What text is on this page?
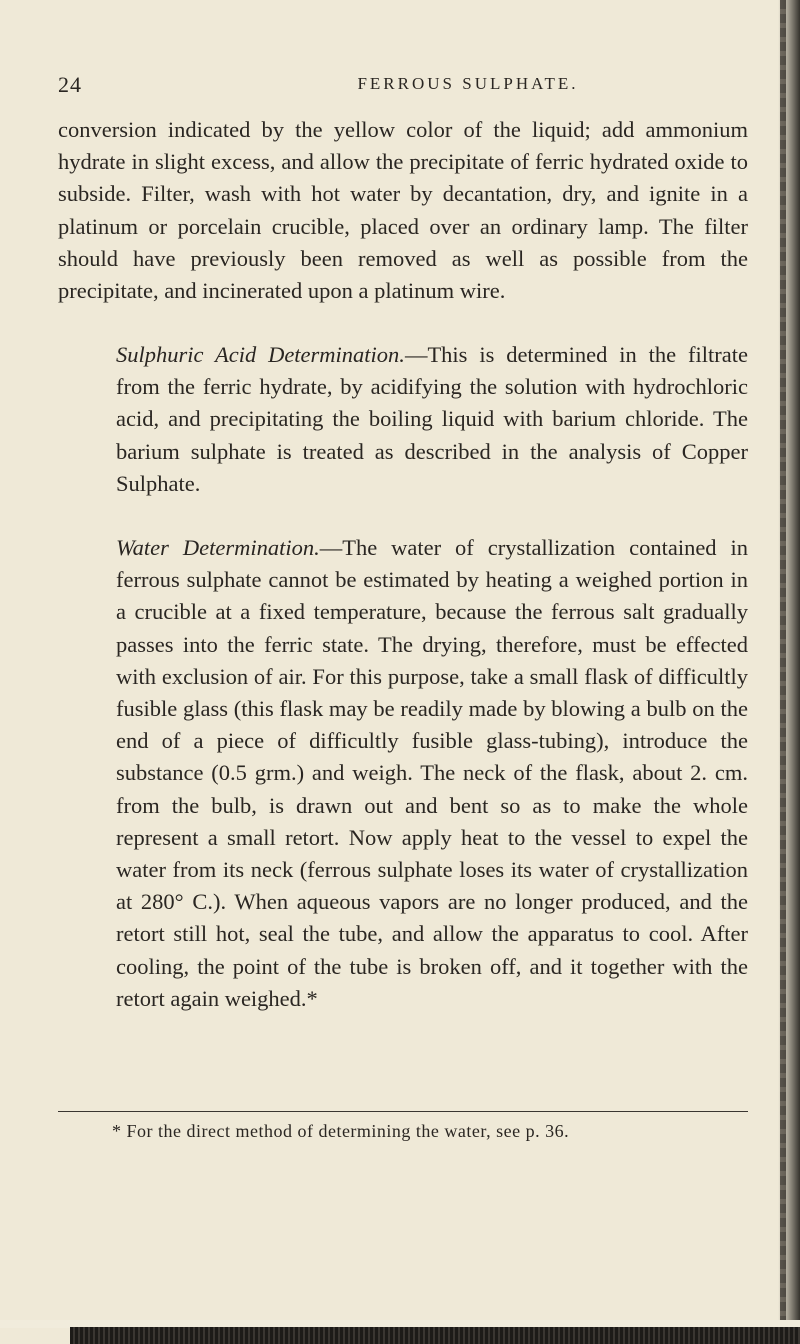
24	FERROUS SULPHATE.

conversion indicated by the yellow color of the liquid; add ammonium hydrate in slight excess, and allow the precipitate of ferric hydrated oxide to subside. Filter, wash with hot water by decantation, dry, and ignite in a platinum or porcelain crucible, placed over an ordinary lamp. The filter should have previously been removed as well as possible from the precipitate, and incinerated upon a platinum wire.

Sulphuric Acid Determination.—This is determined in the filtrate from the ferric hydrate, by acidifying the solution with hydrochloric acid, and precipitating the boiling liquid with barium chloride. The barium sulphate is treated as described in the analysis of Copper Sulphate.

Water Determination.—The water of crystallization contained in ferrous sulphate cannot be estimated by heating a weighed portion in a crucible at a fixed temperature, because the ferrous salt gradually passes into the ferric state. The drying, therefore, must be effected with exclusion of air. For this purpose, take a small flask of difficultly fusible glass (this flask may be readily made by blowing a bulb on the end of a piece of difficultly fusible glass-tubing), introduce the substance (0.5 grm.) and weigh. The neck of the flask, about 2. cm. from the bulb, is drawn out and bent so as to make the whole represent a small retort. Now apply heat to the vessel to expel the water from its neck (ferrous sulphate loses its water of crystallization at 280° C.). When aqueous vapors are no longer produced, and the retort still hot, seal the tube, and allow the apparatus to cool. After cooling, the point of the tube is broken off, and it together with the retort again weighed.*

* For the direct method of determining the water, see p. 36.
